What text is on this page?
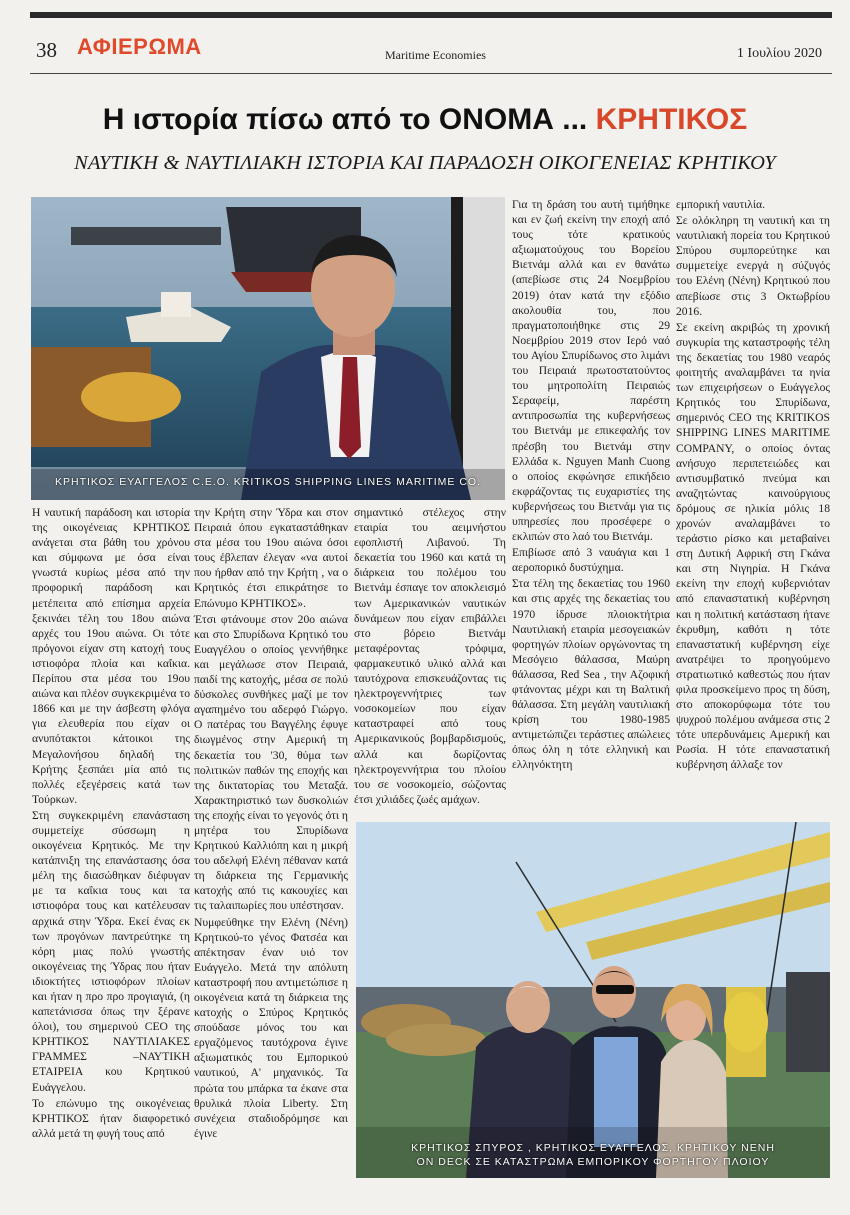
38 ΑΦΙΕΡΩΜΑ	Maritime Economies	1 Ιουλίου 2020
Η ιστορία πίσω από το ΟΝΟΜΑ ... ΚΡΗΤΙΚΟΣ
ΝΑΥΤΙΚΗ & ΝΑΥΤΙΛΙΑΚΗ ΙΣΤΟΡΙΑ ΚΑΙ ΠΑΡΑΔΟΣΗ ΟΙΚΟΓΕΝΕΙΑΣ ΚΡΗΤΙΚΟΥ
ΚΡΗΤΙΚΟΣ ΕΥΑΓΓΕΛΟΣ C.E.O. KRITIKOS SHIPPING LINES MARITIME CO.
ΚΡΗΤΙΚΟΣ ΣΠΥΡΟΣ , ΚΡΗΤΙΚΟΣ ΕΥΑΓΓΕΛΟΣ, ΚΡΗΤΙΚΟΥ ΝΕΝΗ
ON DECK ΣΕ ΚΑΤΑΣΤΡΩΜΑ ΕΜΠΟΡΙΚΟΥ ΦΟΡΤΗΓΟΥ ΠΛΟΙΟΥ

Η ναυτική παράδοση και ιστορία της οικογένειας ΚΡΗΤΙΚΟΣ ανάγεται στα βάθη του χρόνου και σύμφωνα με όσα είναι γνωστά κυρίως μέσα από την προφορική παράδοση και μετέπειτα από επίσημα αρχεία ξεκινάει τέλη του 18ου αιώνα αρχές του 19ου αιώνα. Οι τότε πρόγονοι είχαν στη κατοχή τους ιστιοφόρα πλοία και καΐκια. Περίπου στα μέσα του 19ου αιώνα και πλέον συγκεκριμένα το 1866 και με την άσβεστη φλόγα για ελευθερία που είχαν οι ανυπότακτοι κάτοικοι της Μεγαλονήσου δηλαδή της Κρήτης ξεσπάει μία από τις πολλές εξεγέρσεις κατά των Τούρκων.

Στη συγκεκριμένη επανάσταση συμμετείχε σύσσωμη η οικογένεια Κρητικός. Με την κατάπνιξη της επανάστασης όσα μέλη της διασώθηκαν διέφυγαν με τα καΐκια τους και τα ιστιοφόρα τους και κατέλευσαν αρχικά στην Ύδρα. Εκεί ένας εκ των προγόνων παντρεύτηκε τη κόρη μιας πολύ γνωστής οικογένειας της Ύδρας που ήταν ιδιοκτήτες ιστιοφόρων πλοίων και ήταν η προ προ προγιαγιά, (η καπετάνισσα όπως την ξέρανε όλοι), του σημερινού CEO της ΚΡΗΤΙΚΟΣ ΝΑΥΤΙΛΙΑΚΕΣ ΓΡΑΜΜΕΣ –ΝΑΥΤΙΚΗ ΕΤΑΙΡΕΙΑ κου Κρητικού Ευάγγελου.

Το επώνυμο της οικογένειας ΚΡΗΤΙΚΟΣ ήταν διαφορετικό αλλά μετά τη φυγή τους από

την Κρήτη στην Ύδρα και στον Πειραιά όπου εγκαταστάθηκαν στα μέσα του 19ου αιώνα όσοι τους έβλεπαν έλεγαν «να αυτοί που ήρθαν από την Κρήτη , να ο Κρητικός έτσι επικράτησε το Επώνυμο ΚΡΗΤΙΚΟΣ».

Έτσι φτάνουμε στον 20ο αιώνα και στο Σπυρίδωνα Κρητικό του Ευαγγέλου ο οποίος γεννήθηκε και μεγάλωσε στον Πειραιά, παιδί της κατοχής, μέσα σε πολύ δύσκολες συνθήκες μαζί με τον αγαπημένο του αδερφό Γιώργο. Ο πατέρας του Βαγγέλης έφυγε διωγμένος στην Αμερική τη δεκαετία του '30, θύμα των πολιτικών παθών της εποχής και της δικτατορίας του Μεταξά. Χαρακτηριστικό των δυσκολιών της εποχής είναι το γεγονός ότι η μητέρα του Σπυρίδωνα Κρητικού Καλλιόπη και η μικρή του αδελφή Ελένη πέθαναν κατά τη διάρκεια της Γερμανικής κατοχής από τις κακουχίες και τις ταλαιπωρίες που υπέστησαν.

Νυμφεύθηκε την Ελένη (Νένη) Κρητικού-το γένος Φατσέα και απέκτησαν έναν υιό τον Ευάγγελο. Μετά την απόλυτη καταστροφή που αντιμετώπισε η οικογένεια κατά τη διάρκεια της κατοχής ο Σπύρος Κρητικός σπούδασε μόνος του και εργαζόμενος ταυτόχρονα έγινε αξιωματικός του Εμπορικού ναυτικού, Α' μηχανικός. Τα πρώτα του μπάρκα τα έκανε στα θρυλικά πλοία Liberty. Στη συνέχεια σταδιοδρόμησε και έγινε

σημαντικό στέλεχος στην εταιρία του αειμνήστου εφοπλιστή Λιβανού. Τη δεκαετία του 1960 και κατά τη διάρκεια του πολέμου του Βιετνάμ έσπαγε τον αποκλεισμό των Αμερικανικών ναυτικών δυνάμεων που είχαν επιβάλλει στο βόρειο Βιετνάμ μεταφέροντας τρόφιμα, φαρμακευτικό υλικό αλλά και ταυτόχρονα επισκευάζοντας τις ηλεκτρογεννήτριες των νοσοκομείων που είχαν καταστραφεί από τους Αμερικανικούς βομβαρδισμούς, αλλά και δωρίζοντας ηλεκτρογεννήτρια του πλοίου του σε νοσοκομείο, σώζοντας έτσι χιλιάδες ζωές αμάχων.

Για τη δράση του αυτή τιμήθηκε και εν ζωή εκείνη την εποχή από τους τότε κρατικούς αξιωματούχους του Βορείου Βιετνάμ αλλά και εν θανάτω (απεβίωσε στις 24 Νοεμβρίου 2019) όταν κατά την εξόδιο ακολουθία του, που πραγματοποιήθηκε στις 29 Νοεμβρίου 2019 στον Ιερό ναό του Αγίου Σπυρίδωνος στο λιμάνι του Πειραιά πρωτοστατούντος του μητροπολίτη Πειραιώς Σεραφείμ, παρέστη αντιπροσωπία της κυβερνήσεως του Βιετνάμ με επικεφαλής τον πρέσβη του Βιετνάμ στην Ελλάδα κ. Nguyen Manh Cuong ο οποίος εκφώνησε επικήδειο εκφράζοντας τις ευχαριστίες της κυβερνήσεως του Βιετνάμ για τις υπηρεσίες που προσέφερε ο εκλιπών στο λαό του Βιετνάμ.

Επιβίωσε από 3 ναυάγια και 1 αεροπορικό δυστύχημα.

Στα τέλη της δεκαετίας του 1960 και στις αρχές της δεκαετίας του 1970 ίδρυσε πλοιοκτήτρια Ναυτιλιακή εταιρία μεσογειακών φορτηγών πλοίων οργώνοντας τη Μεσόγειο θάλασσα, Μαύρη θάλασσα, Red Sea , την Αζοφική φτάνοντας μέχρι και τη Βαλτική θάλασσα. Στη μεγάλη ναυτιλιακή κρίση του 1980-1985 αντιμετώπιζει τεράστιες απώλειες όπως όλη η τότε ελληνική και ελληνόκτητη

εμπορική ναυτιλία.

Σε ολόκληρη τη ναυτική και τη ναυτιλιακή πορεία του Κρητικού Σπύρου συμπορεύτηκε και συμμετείχε ενεργά η σύζυγός του Ελένη (Νένη) Κρητικού που απεβίωσε στις 3 Οκτωβρίου 2016.

Σε εκείνη ακριβώς τη χρονική συγκυρία της καταστροφής τέλη της δεκαετίας του 1980 νεαρός φοιτητής αναλαμβάνει τα ηνία των επιχειρήσεων ο Ευάγγελος Κρητικός του Σπυρίδωνα, σημερινός CEO της KRITIKOS SHIPPING LINES MARITIME COMPANY, ο οποίος όντας ανήσυχο περιπετειώδες και αντισυμβατικό πνεύμα και αναζητώντας καινούργιους δρόμους σε ηλικία μόλις 18 χρονών αναλαμβάνει το τεράστιο ρίσκο και μεταβαίνει στη Δυτική Αφρική στη Γκάνα και στη Νιγηρία. Η Γκάνα εκείνη την εποχή κυβερνιόταν από επαναστατική κυβέρνηση και η πολιτική κατάσταση ήτανε έκρυθμη, καθότι η τότε επαναστατική κυβέρνηση είχε ανατρέψει το προηγούμενο στρατιωτικό καθεστώς που ήταν φιλα προσκείμενο προς τη δύση, στο αποκορύφωμα τότε του ψυχρού πολέμου ανάμεσα στις 2 τότε υπερδυνάμεις Αμερική και Ρωσία. Η τότε επαναστατική κυβέρνηση άλλαξε τον
